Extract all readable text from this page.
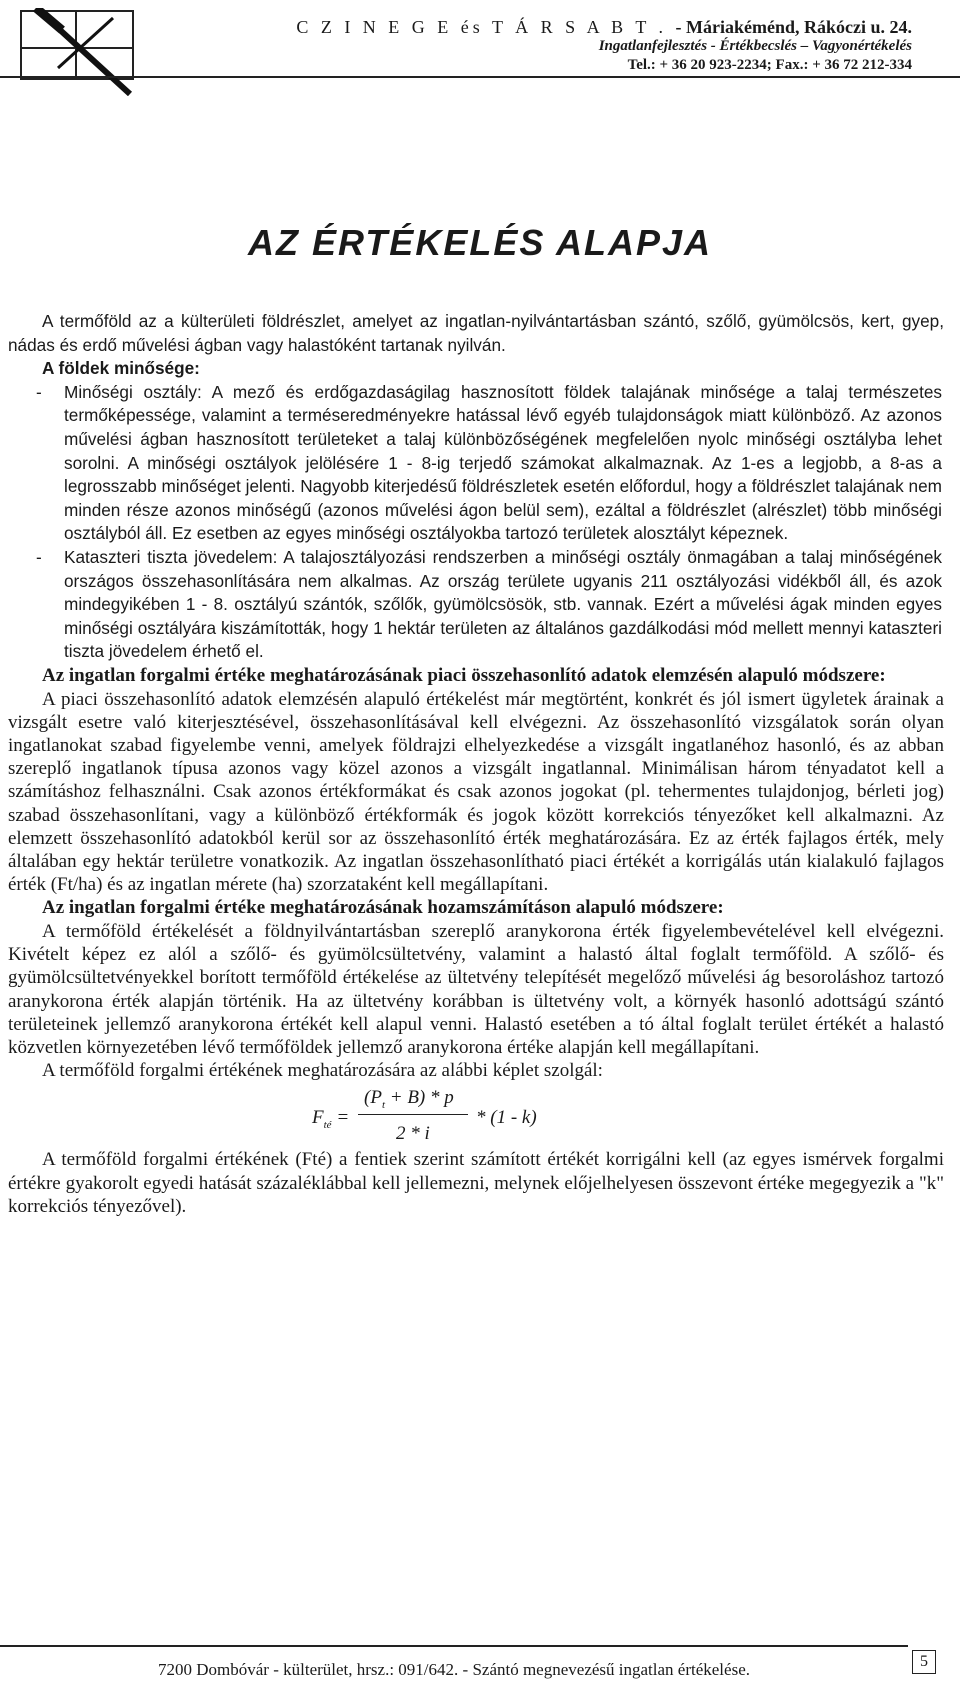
C Z I N E G E és T Á R S A B T . - Máriakéménd, Rákóczi u. 24.
Ingatlanfejlesztés - Értékbecslés – Vagyonértékelés
Tel.: + 36 20 923-2234; Fax.: + 36 72 212-334
AZ ÉRTÉKELÉS ALAPJA

A termőföld az a külterületi földrészlet, amelyet az ingatlan-nyilvántartásban szántó, szőlő, gyümölcsös, kert, gyep, nádas és erdő művelési ágban vagy halastóként tartanak nyilván.

A földek minősége:

- Minőségi osztály: A mező és erdőgazdaságilag hasznosított földek talajának minősége a talaj természetes termőképessége, valamint a terméseredményekre hatással lévő egyéb tulajdonságok miatt különböző. Az azonos művelési ágban hasznosított területeket a talaj különbözőségének megfelelően nyolc minőségi osztályba lehet sorolni. A minőségi osztályok jelölésére 1 - 8-ig terjedő számokat alkalmaznak. Az 1-es a legjobb, a 8-as a legrosszabb minőséget jelenti. Nagyobb kiterjedésű földrészletek esetén előfordul, hogy a földrészlet talajának nem minden része azonos minőségű (azonos művelési ágon belül sem), ezáltal a földrészlet (alrészlet) több minőségi osztályból áll. Ez esetben az egyes minőségi osztályokba tartozó területek alosztályt képeznek.
- Kataszteri tiszta jövedelem: A talajosztályozási rendszerben a minőségi osztály önmagában a talaj minőségének országos összehasonlítására nem alkalmas. Az ország területe ugyanis 211 osztályozási vidékből áll, és azok mindegyikében 1 - 8. osztályú szántók, szőlők, gyümölcsösök, stb. vannak. Ezért a művelési ágak minden egyes minőségi osztályára kiszámították, hogy 1 hektár területen az általános gazdálkodási mód mellett mennyi kataszteri tiszta jövedelem érhető el.

Az ingatlan forgalmi értéke meghatározásának piaci összehasonlító adatok elemzésén alapuló módszere:

A piaci összehasonlító adatok elemzésén alapuló értékelést már megtörtént, konkrét és jól ismert ügyletek árainak a vizsgált esetre való kiterjesztésével, összehasonlításával kell elvégezni. Az összehasonlító vizsgálatok során olyan ingatlanokat szabad figyelembe venni, amelyek földrajzi elhelyezkedése a vizsgált ingatlanéhoz hasonló, és az abban szereplő ingatlanok típusa azonos vagy közel azonos a vizsgált ingatlannal. Minimálisan három tényadatot kell a számításhoz felhasználni. Csak azonos értékformákat és csak azonos jogokat (pl. tehermentes tulajdonjog, bérleti jog) szabad összehasonlítani, vagy a különböző értékformák és jogok között korrekciós tényezőket kell alkalmazni. Az elemzett összehasonlító adatokból kerül sor az összehasonlító érték meghatározására. Ez az érték fajlagos érték, mely általában egy hektár területre vonatkozik. Az ingatlan összehasonlítható piaci értékét a korrigálás után kialakuló fajlagos érték (Ft/ha) és az ingatlan mérete (ha) szorzataként kell megállapítani.

Az ingatlan forgalmi értéke meghatározásának hozamszámításon alapuló módszere:

A termőföld értékelését a földnyilvántartásban szereplő aranykorona érték figyelembevételével kell elvégezni. Kivételt képez ez alól a szőlő- és gyümölcsültetvény, valamint a halastó által foglalt termőföld. A szőlő- és gyümölcsültetvényekkel borított termőföld értékelése az ültetvény telepítését megelőző művelési ág besoroláshoz tartozó aranykorona érték alapján történik. Ha az ültetvény korábban is ültetvény volt, a környék hasonló adottságú szántó területeinek jellemző aranykorona értékét kell alapul venni. Halastó esetében a tó által foglalt terület értékét a halastó közvetlen környezetében lévő termőföldek jellemző aranykorona értéke alapján kell megállapítani.

A termőföld forgalmi értékének meghatározására az alábbi képlet szolgál:

$F_{té}$ =
$(P_t + B) * p$
2 * i
* (1 - k)

A termőföld forgalmi értékének (Fté) a fentiek szerint számított értékét korrigálni kell (az egyes ismérvek forgalmi értékre gyakorolt egyedi hatását százaléklábbal kell jellemezni, melynek előjelhelyesen összevont értéke megegyezik a "k" korrekciós tényezővel).

7200 Dombóvár - külterület, hrsz.: 091/642. - Szántó megnevezésű ingatlan értékelése.	5
